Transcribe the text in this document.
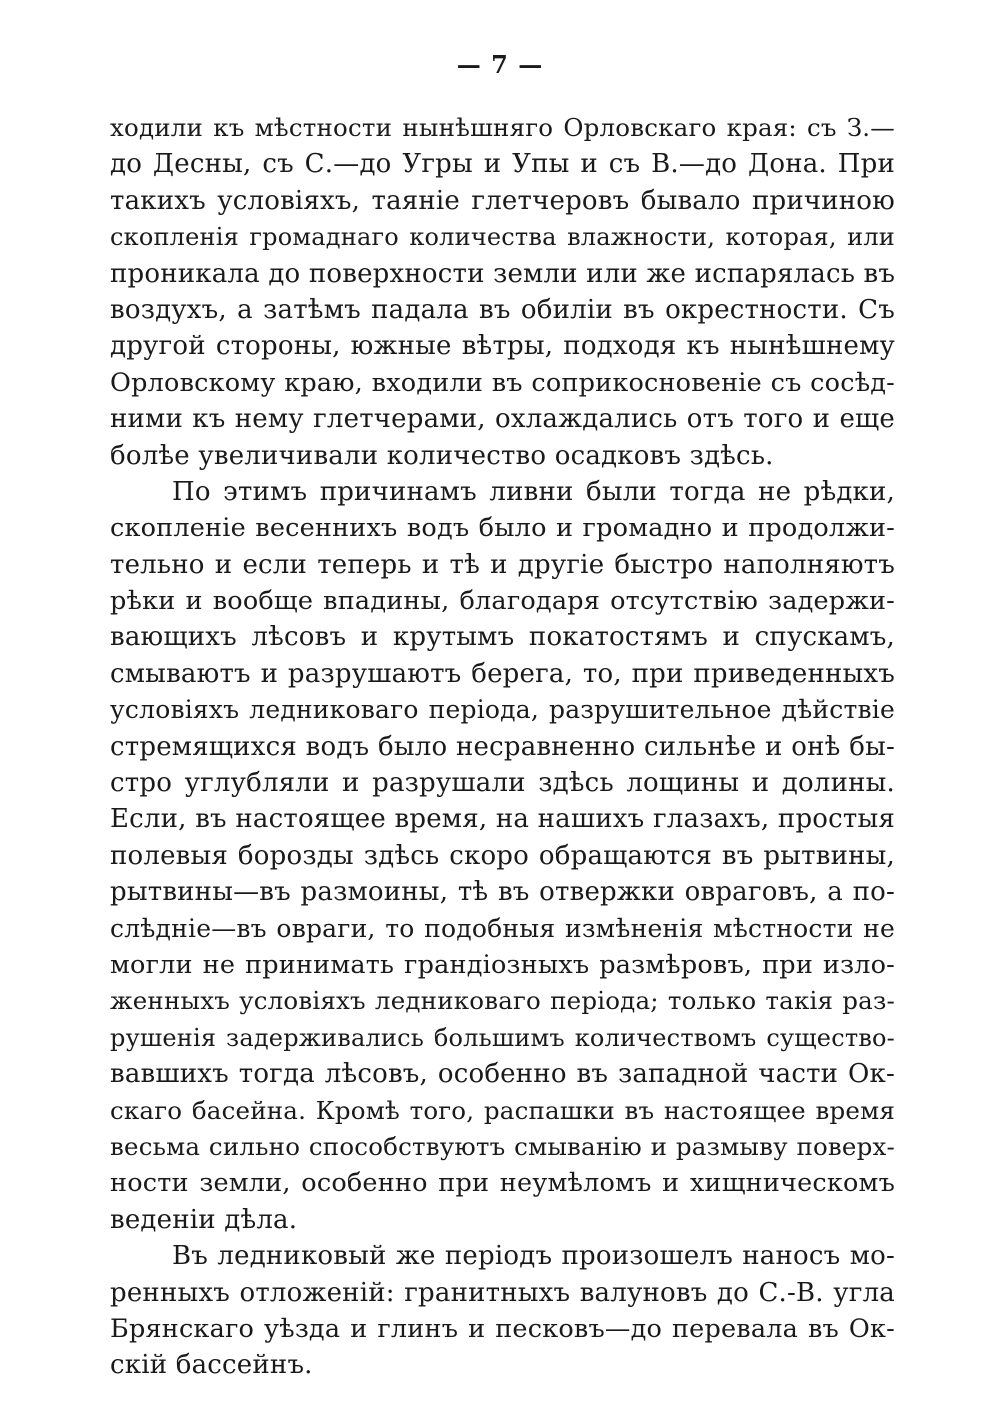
— 7 —
ходили къ мѣстности нынѣшняго Орловскаго края: съ З.—
до Десны, съ С.—до Угры и Упы и съ В.—до Дона. При
такихъ условіяхъ, таяніе глетчеровъ бывало причиною
скопленія громаднаго количества влажности, которая, или
проникала до поверхности земли или же испарялась въ
воздухъ, а затѣмъ падала въ обиліи въ окрестности. Съ
другой стороны, южные вѣтры, подходя къ нынѣшнему
Орловскому краю, входили въ соприкосновеніе съ сосѣд-
ними къ нему глетчерами, охлаждались отъ того и еще
болѣе увеличивали количество осадковъ здѣсь.
По этимъ причинамъ ливни были тогда не рѣдки,
скопленіе весеннихъ водъ было и громадно и продолжи-
тельно и если теперь и тѣ и другіе быстро наполняютъ
рѣки и вообще впадины, благодаря отсутствію задержи-
вающихъ лѣсовъ и крутымъ покатостямъ и спускамъ,
смываютъ и разрушаютъ берега, то, при приведенныхъ
условіяхъ ледниковаго періода, разрушительное дѣйствіе
стремящихся водъ было несравненно сильнѣе и онѣ бы-
стро углубляли и разрушали здѣсь лощины и долины.
Если, въ настоящее время, на нашихъ глазахъ, простыя
полевыя борозды здѣсь скоро обращаются въ рытвины,
рытвины—въ размоины, тѣ въ отвержки овраговъ, а по-
слѣдніе—въ овраги, то подобныя измѣненія мѣстности не
могли не принимать грандіозныхъ размѣровъ, при изло-
женныхъ условіяхъ ледниковаго періода; только такія раз-
рушенія задерживались большимъ количествомъ существо-
вавшихъ тогда лѣсовъ, особенно въ западной части Ок-
скаго басейна. Кромѣ того, распашки въ настоящее время
весьма сильно способствуютъ смыванію и размыву поверх-
ности земли, особенно при неумѣломъ и хищническомъ
веденіи дѣла.
Въ ледниковый же періодъ произошелъ наносъ мо-
ренныхъ отложеній: гранитныхъ валуновъ до С.-В. угла
Брянскаго уѣзда и глинъ и песковъ—до перевала въ Ок-
скій бассейнъ.
